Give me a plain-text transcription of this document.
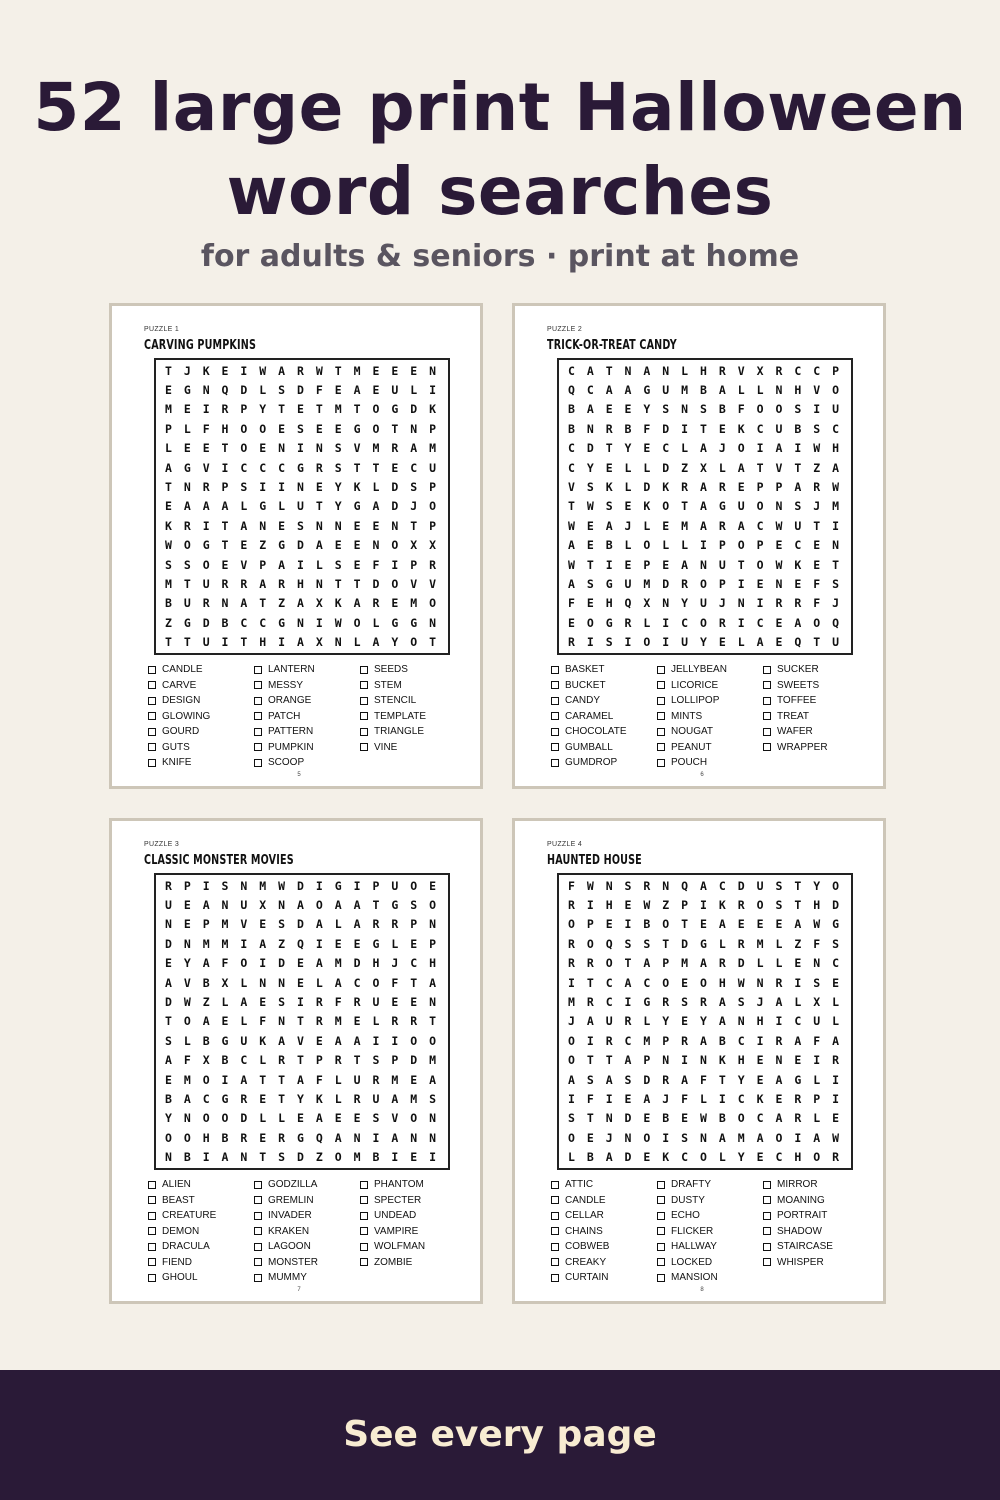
52 large print Halloween
word searches
for adults & seniors · print at home
PUZZLE 1
CARVING PUMPKINS
T	J	K	E	I	W	A	R	W	T	M	E	E	E	N
E	G	N	Q	D	L	S	D	F	E	A	E	U	L	I
M	E	I	R	P	Y	T	E	T	M	T	O	G	D	K
P	L	F	H	O	O	E	S	E	E	G	O	T	N	P
L	E	E	T	O	E	N	I	N	S	V	M	R	A	M
A	G	V	I	C	C	C	G	R	S	T	T	E	C	U
T	N	R	P	S	I	I	N	E	Y	K	L	D	S	P
E	A	A	A	L	G	L	U	T	Y	G	A	D	J	O
K	R	I	T	A	N	E	S	N	N	E	E	N	T	P
W	O	G	T	E	Z	G	D	A	E	E	N	O	X	X
S	S	O	E	V	P	A	I	L	S	E	F	I	P	R
M	T	U	R	R	A	R	H	N	T	T	D	O	V	V
B	U	R	N	A	T	Z	A	X	K	A	R	E	M	O
Z	G	D	B	C	C	G	N	I	W	O	L	G	G	N
T	T	U	I	T	H	I	A	X	N	L	A	Y	O	T
CANDLE
CARVE
DESIGN
GLOWING
GOURD
GUTS
KNIFE
LANTERN
MESSY
ORANGE
PATCH
PATTERN
PUMPKIN
SCOOP
SEEDS
STEM
STENCIL
TEMPLATE
TRIANGLE
VINE
5
PUZZLE 2
TRICK-OR-TREAT CANDY
C	A	T	N	A	N	L	H	R	V	X	R	C	C	P
Q	C	A	A	G	U	M	B	A	L	L	N	H	V	O
B	A	E	E	Y	S	N	S	B	F	O	O	S	I	U
B	N	R	B	F	D	I	T	E	K	C	U	B	S	C
C	D	T	Y	E	C	L	A	J	O	I	A	I	W	H
C	Y	E	L	L	D	Z	X	L	A	T	V	T	Z	A
V	S	K	L	D	K	R	A	R	E	P	P	A	R	W
T	W	S	E	K	O	T	A	G	U	O	N	S	J	M
W	E	A	J	L	E	M	A	R	A	C	W	U	T	I
A	E	B	L	O	L	L	I	P	O	P	E	C	E	N
W	T	I	E	P	E	A	N	U	T	O	W	K	E	T
A	S	G	U	M	D	R	O	P	I	E	N	E	F	S
F	E	H	Q	X	N	Y	U	J	N	I	R	R	F	J
E	O	G	R	L	I	C	O	R	I	C	E	A	O	Q
R	I	S	I	O	I	U	Y	E	L	A	E	Q	T	U
BASKET
BUCKET
CANDY
CARAMEL
CHOCOLATE
GUMBALL
GUMDROP
JELLYBEAN
LICORICE
LOLLIPOP
MINTS
NOUGAT
PEANUT
POUCH
SUCKER
SWEETS
TOFFEE
TREAT
WAFER
WRAPPER
6
PUZZLE 3
CLASSIC MONSTER MOVIES
R	P	I	S	N	M	W	D	I	G	I	P	U	O	E
U	E	A	N	U	X	N	A	O	A	A	T	G	S	O
N	E	P	M	V	E	S	D	A	L	A	R	R	P	N
D	N	M	M	I	A	Z	Q	I	E	E	G	L	E	P
E	Y	A	F	O	I	D	E	A	M	D	H	J	C	H
A	V	B	X	L	N	N	E	L	A	C	O	F	T	A
D	W	Z	L	A	E	S	I	R	F	R	U	E	E	N
T	O	A	E	L	F	N	T	R	M	E	L	R	R	T
S	L	B	G	U	K	A	V	E	A	A	I	I	O	O
A	F	X	B	C	L	R	T	P	R	T	S	P	D	M
E	M	O	I	A	T	T	A	F	L	U	R	M	E	A
B	A	C	G	R	E	T	Y	K	L	R	U	A	M	S
Y	N	O	O	D	L	L	E	A	E	E	S	V	O	N
O	O	H	B	R	E	R	G	Q	A	N	I	A	N	N
N	B	I	A	N	T	S	D	Z	O	M	B	I	E	I
ALIEN
BEAST
CREATURE
DEMON
DRACULA
FIEND
GHOUL
GODZILLA
GREMLIN
INVADER
KRAKEN
LAGOON
MONSTER
MUMMY
PHANTOM
SPECTER
UNDEAD
VAMPIRE
WOLFMAN
ZOMBIE
7
PUZZLE 4
HAUNTED HOUSE
F	W	N	S	R	N	Q	A	C	D	U	S	T	Y	O
R	I	H	E	W	Z	P	I	K	R	O	S	T	H	D
O	P	E	I	B	O	T	E	A	E	E	E	A	W	G
R	O	Q	S	S	T	D	G	L	R	M	L	Z	F	S
R	R	O	T	A	P	M	A	R	D	L	L	E	N	C
I	T	C	A	C	O	E	O	H	W	N	R	I	S	E
M	R	C	I	G	R	S	R	A	S	J	A	L	X	L
J	A	U	R	L	Y	E	Y	A	N	H	I	C	U	L
O	I	R	C	M	P	R	A	B	C	I	R	A	F	A
O	T	T	A	P	N	I	N	K	H	E	N	E	I	R
A	S	A	S	D	R	A	F	T	Y	E	A	G	L	I
I	F	I	E	A	J	F	L	I	C	K	E	R	P	I
S	T	N	D	E	B	E	W	B	O	C	A	R	L	E
O	E	J	N	O	I	S	N	A	M	A	O	I	A	W
L	B	A	D	E	K	C	O	L	Y	E	C	H	O	R
ATTIC
CANDLE
CELLAR
CHAINS
COBWEB
CREAKY
CURTAIN
DRAFTY
DUSTY
ECHO
FLICKER
HALLWAY
LOCKED
MANSION
MIRROR
MOANING
PORTRAIT
SHADOW
STAIRCASE
WHISPER
8
See every page
